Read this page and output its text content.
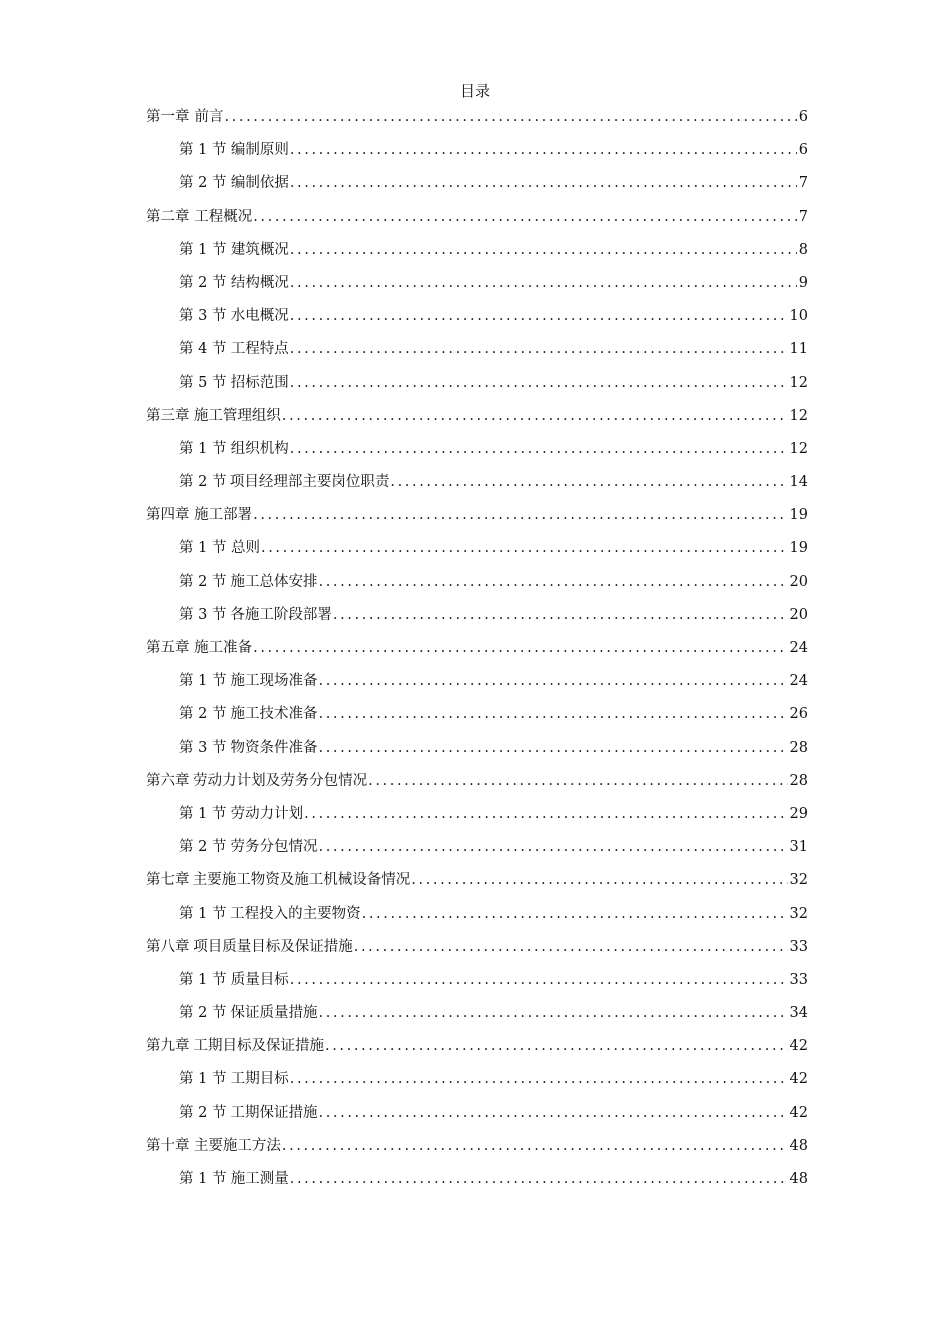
目录
第一章 前言 .....	6
第 1 节 编制原则 .....	6
第 2 节 编制依据 .....	7
第二章 工程概况 .....	7
第 1 节 建筑概况 .....	8
第 2 节 结构概况 .....	9
第 3 节 水电概况 .....	10
第 4 节 工程特点 .....	11
第 5 节 招标范围 .....	12
第三章 施工管理组织 .....	12
第 1 节 组织机构 .....	12
第 2 节 项目经理部主要岗位职责 .....	14
第四章 施工部署 .....	19
第 1 节 总则 .....	19
第 2 节 施工总体安排 .....	20
第 3 节 各施工阶段部署 .....	20
第五章 施工准备 .....	24
第 1 节 施工现场准备 .....	24
第 2 节 施工技术准备 .....	26
第 3 节 物资条件准备 .....	28
第六章 劳动力计划及劳务分包情况 .....	28
第 1 节 劳动力计划 .....	29
第 2 节 劳务分包情况 .....	31
第七章 主要施工物资及施工机械设备情况 .....	32
第 1 节 工程投入的主要物资 .....	32
第八章 项目质量目标及保证措施 .....	33
第 1 节 质量目标 .....	33
第 2 节 保证质量措施 .....	34
第九章 工期目标及保证措施 .....	42
第 1 节 工期目标 .....	42
第 2 节 工期保证措施 .....	42
第十章 主要施工方法 .....	48
第 1 节 施工测量 .....	48
